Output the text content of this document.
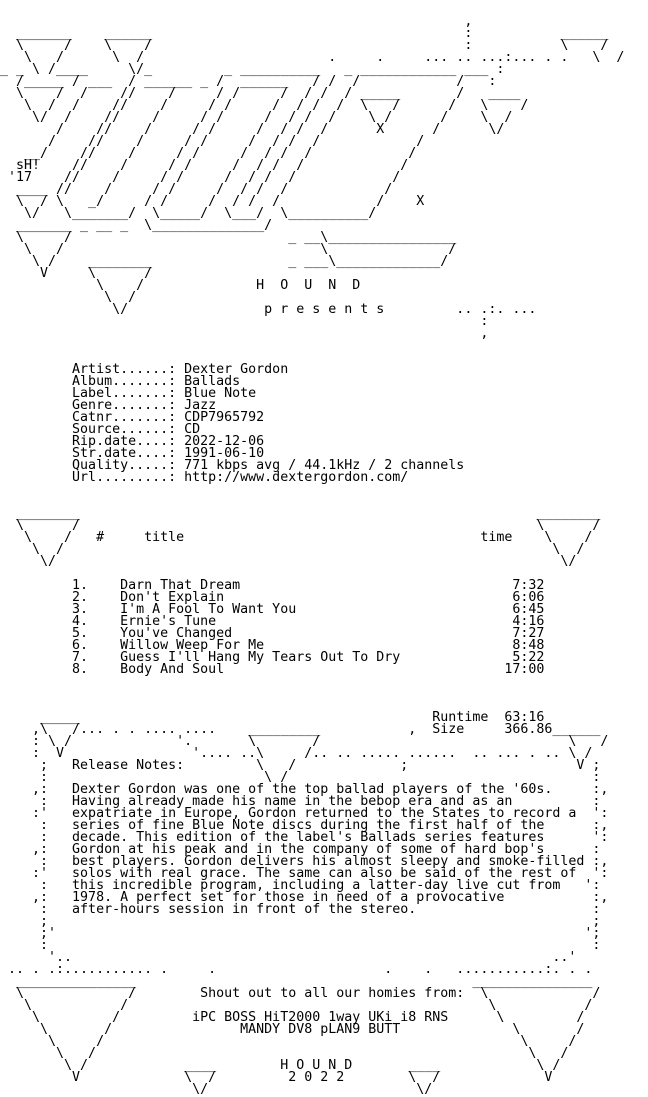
,
_______    ______                                       :           ______
\     /    \    /                                       :           \    /
\   /      \  /                       .     .     ... .. ...:... . .   \  /
_ _ \ /____     \/_         _ __________   _ ____________ ___ :
/_____ / ___  / ______ _ /  ______   / /  /            /   :
\    /  /    //    /     / /     /  / /  / _____       /   ____
\  /  /    //    /     / /     /  / /  /  \   /      /   \    /
\/  /    //    /     / /     /  / /  /    \ /      /    \  /
/    //    /     / /     /  / /  /      X      /      \/
/    //    /     / /     /  / /  /            /
__/    //    /     / /     /  / /  /            /
sH!    //    /     / /     /  / /  /            /
'17    //    /     / /     /  / /  /            /
____ //    /     / /     /  / /  /            /
\  / \   _/     / /     /  / /  /            /    X
\/   \_______/  \_____/  \___/  \__________/
_______ _ __ _  \______________/
\     /                           _ __\________________
\   /                                \               /
\ /    ________                 _ ___\_____________/
V     \      /
\    /              H  O  U  N  D
\  /
\/                 p r e s e n t s         .. .:. ...
:
,

Artist......: Dexter Gordon
Album.......: Ballads
Label.......: Blue Note
Genre.......: Jazz
Catnr.......: CDP7965792
Source......: CD
Rip.date....: 2022-12-06
Str.date....: 1991-06-10
Quality.....: 771 kbps avg / 44.1kHz / 2 channels
Url.........: http://www.dextergordon.com/

________                                                         ________
\      /                                                         \      /
\    /   #     title                                     time    \    /
\  /                                                             \  /
\/                                                               \/

1.    Darn That Dream                                  7:32
2.    Don't Explain                                    6:06
3.    I'm A Fool To Want You                           6:45
4.    Ernie's Tune                                     4:16
5.    You've Changed                                   7:27
6.    Willow Weep For Me                               8:48
7.    Guess I'll Hang My Tears Out To Dry              5:22
8.    Body And Soul                                   17:00

_____                                            Runtime  63:16
,\   /... . . .... ....    _________           ,  Size     366.86______
: \ /             '.       \       /                               \   /
:  V                '.... ..\     /.. .. ..... ......  .. ... . .. \ /
;   Release Notes:         \   /             ;                     V ;
:                           \ /                                      :
,:   Dexter Gordon was one of the top ballad players of the '60s.     :,
:   Having already made his name in the bebop era and as an          :
:'   expatriate in Europe, Gordon returned to the States to record a  ':
:   series of fine Blue Note discs during the first half of the      :,
:   decade. This edition of the label's Ballads series features      ':
,:   Gordon at his peak and in the company of some of hard bop's      :
:   best players. Gordon delivers his almost sleepy and smoke-filled :,
:'   solos with real grace. The same can also be said of the rest of  ':
:   this incredible program, including a latter-day live cut from   ':
,:   1978. A perfect set for those in need of a provocative           :,
:   after-hours session in front of the stereo.                      :
;                                                                    ;
;'                                                                  ';
:                                                                    :
'..                                                            ..'
.. . .:........... .     .                     .    .   ...........:. . .
_______________                                          _______________
\             /        Shout out to all our homies from:  \             /
\           /                                             \           /
\         /         iPC BOSS HiT2000 1way UKi i8 RNS      \         /
\       /                MANDY DV8 pLAN9 BUTT              \       /
\     /                                                    \     /
\   /                                                      \   /
\ /            ____        H O U N D       ____            \ /
V             \  /         2 0 2 2        \  /             V
\/                          \/
